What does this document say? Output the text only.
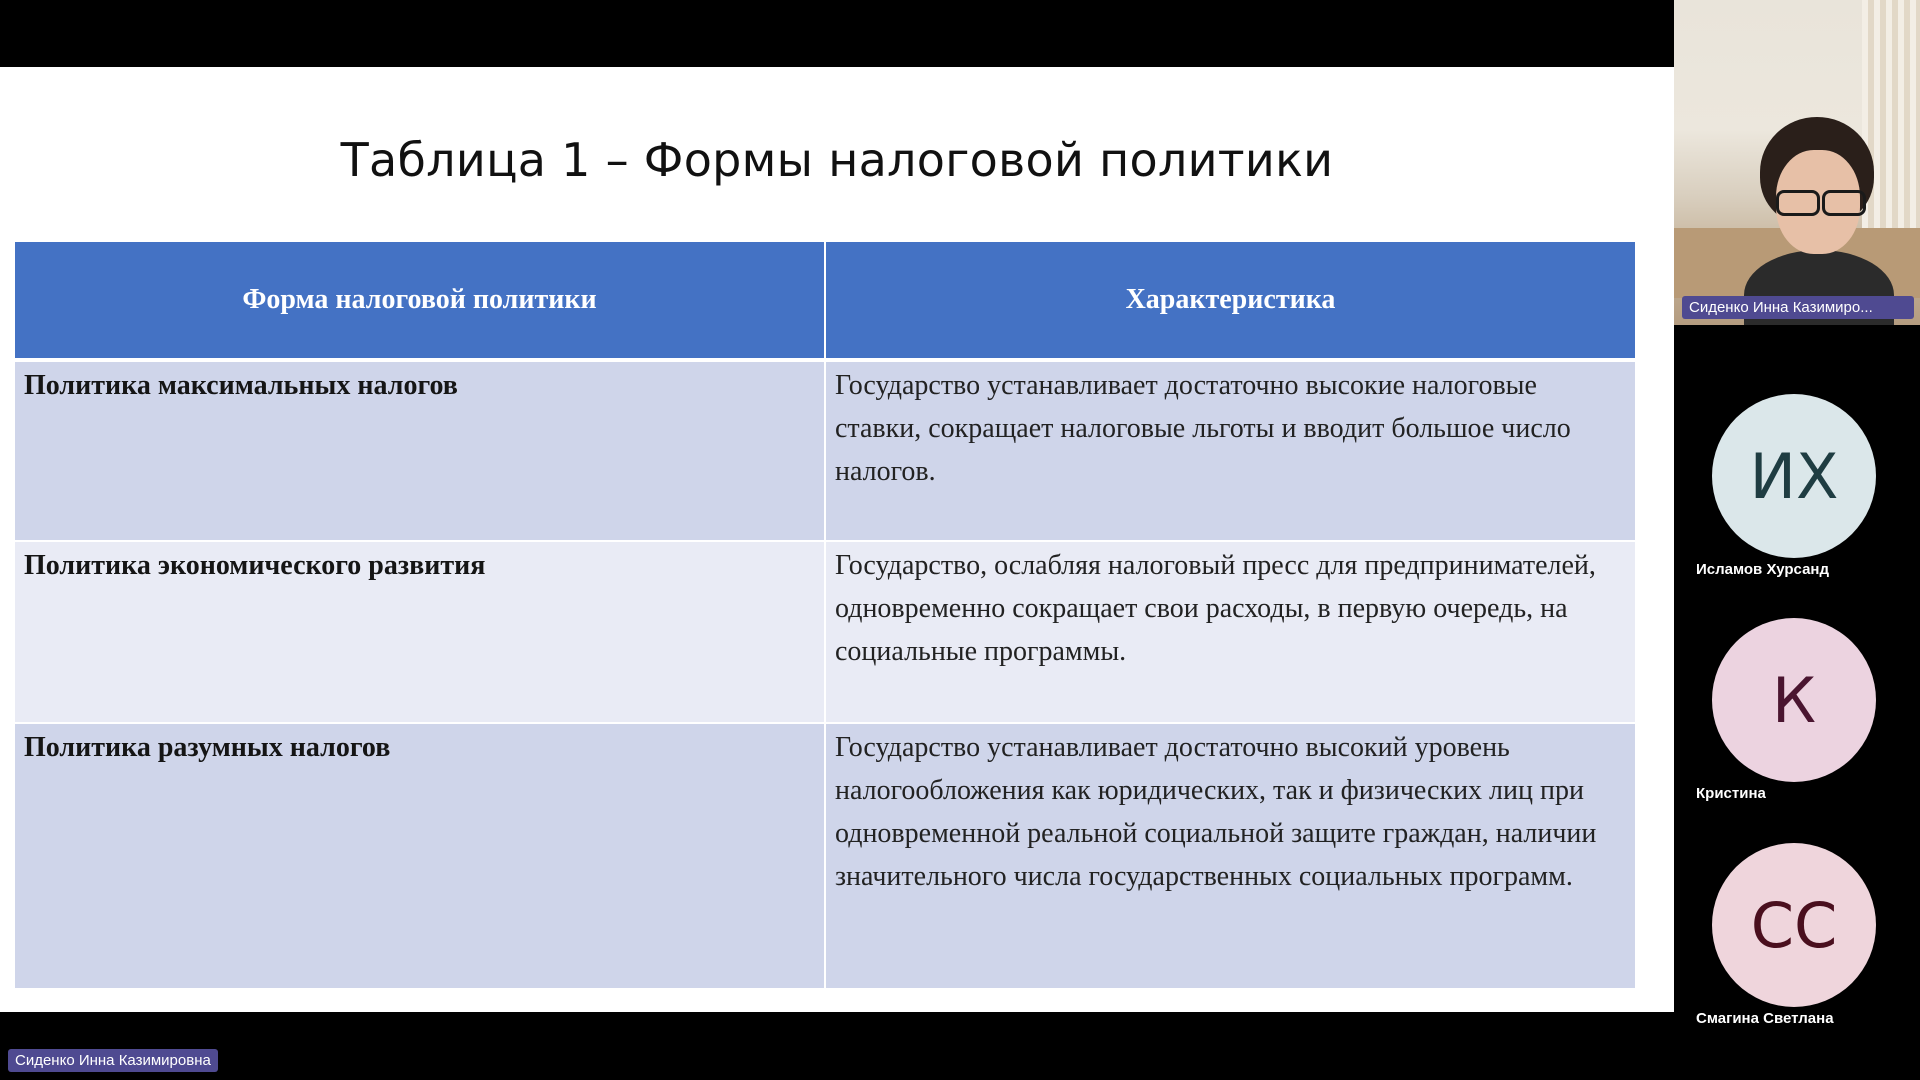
Таблица 1 – Формы налоговой политики
Форма налоговой политики	Характеристика
Политика максимальных налогов	Государство устанавливает достаточно высокие налоговые ставки, сокращает налоговые льготы и вводит большое число налогов.
Политика экономического развития	Государство, ослабляя налоговый пресс для предпринимателей, одновременно сокращает свои расходы, в первую очередь, на социальные программы.
Политика разумных налогов	Государство устанавливает достаточно высокий уровень налогообложения как юридических, так и физических лиц при одновременной реальной социальной защите граждан, наличии значительного числа государственных социальных программ.
Сиденко Инна Казимиро...
ИХ
Исламов Хурсанд
К
Кристина
СС
Смагина Светлана
Сиденко Инна Казимировна
